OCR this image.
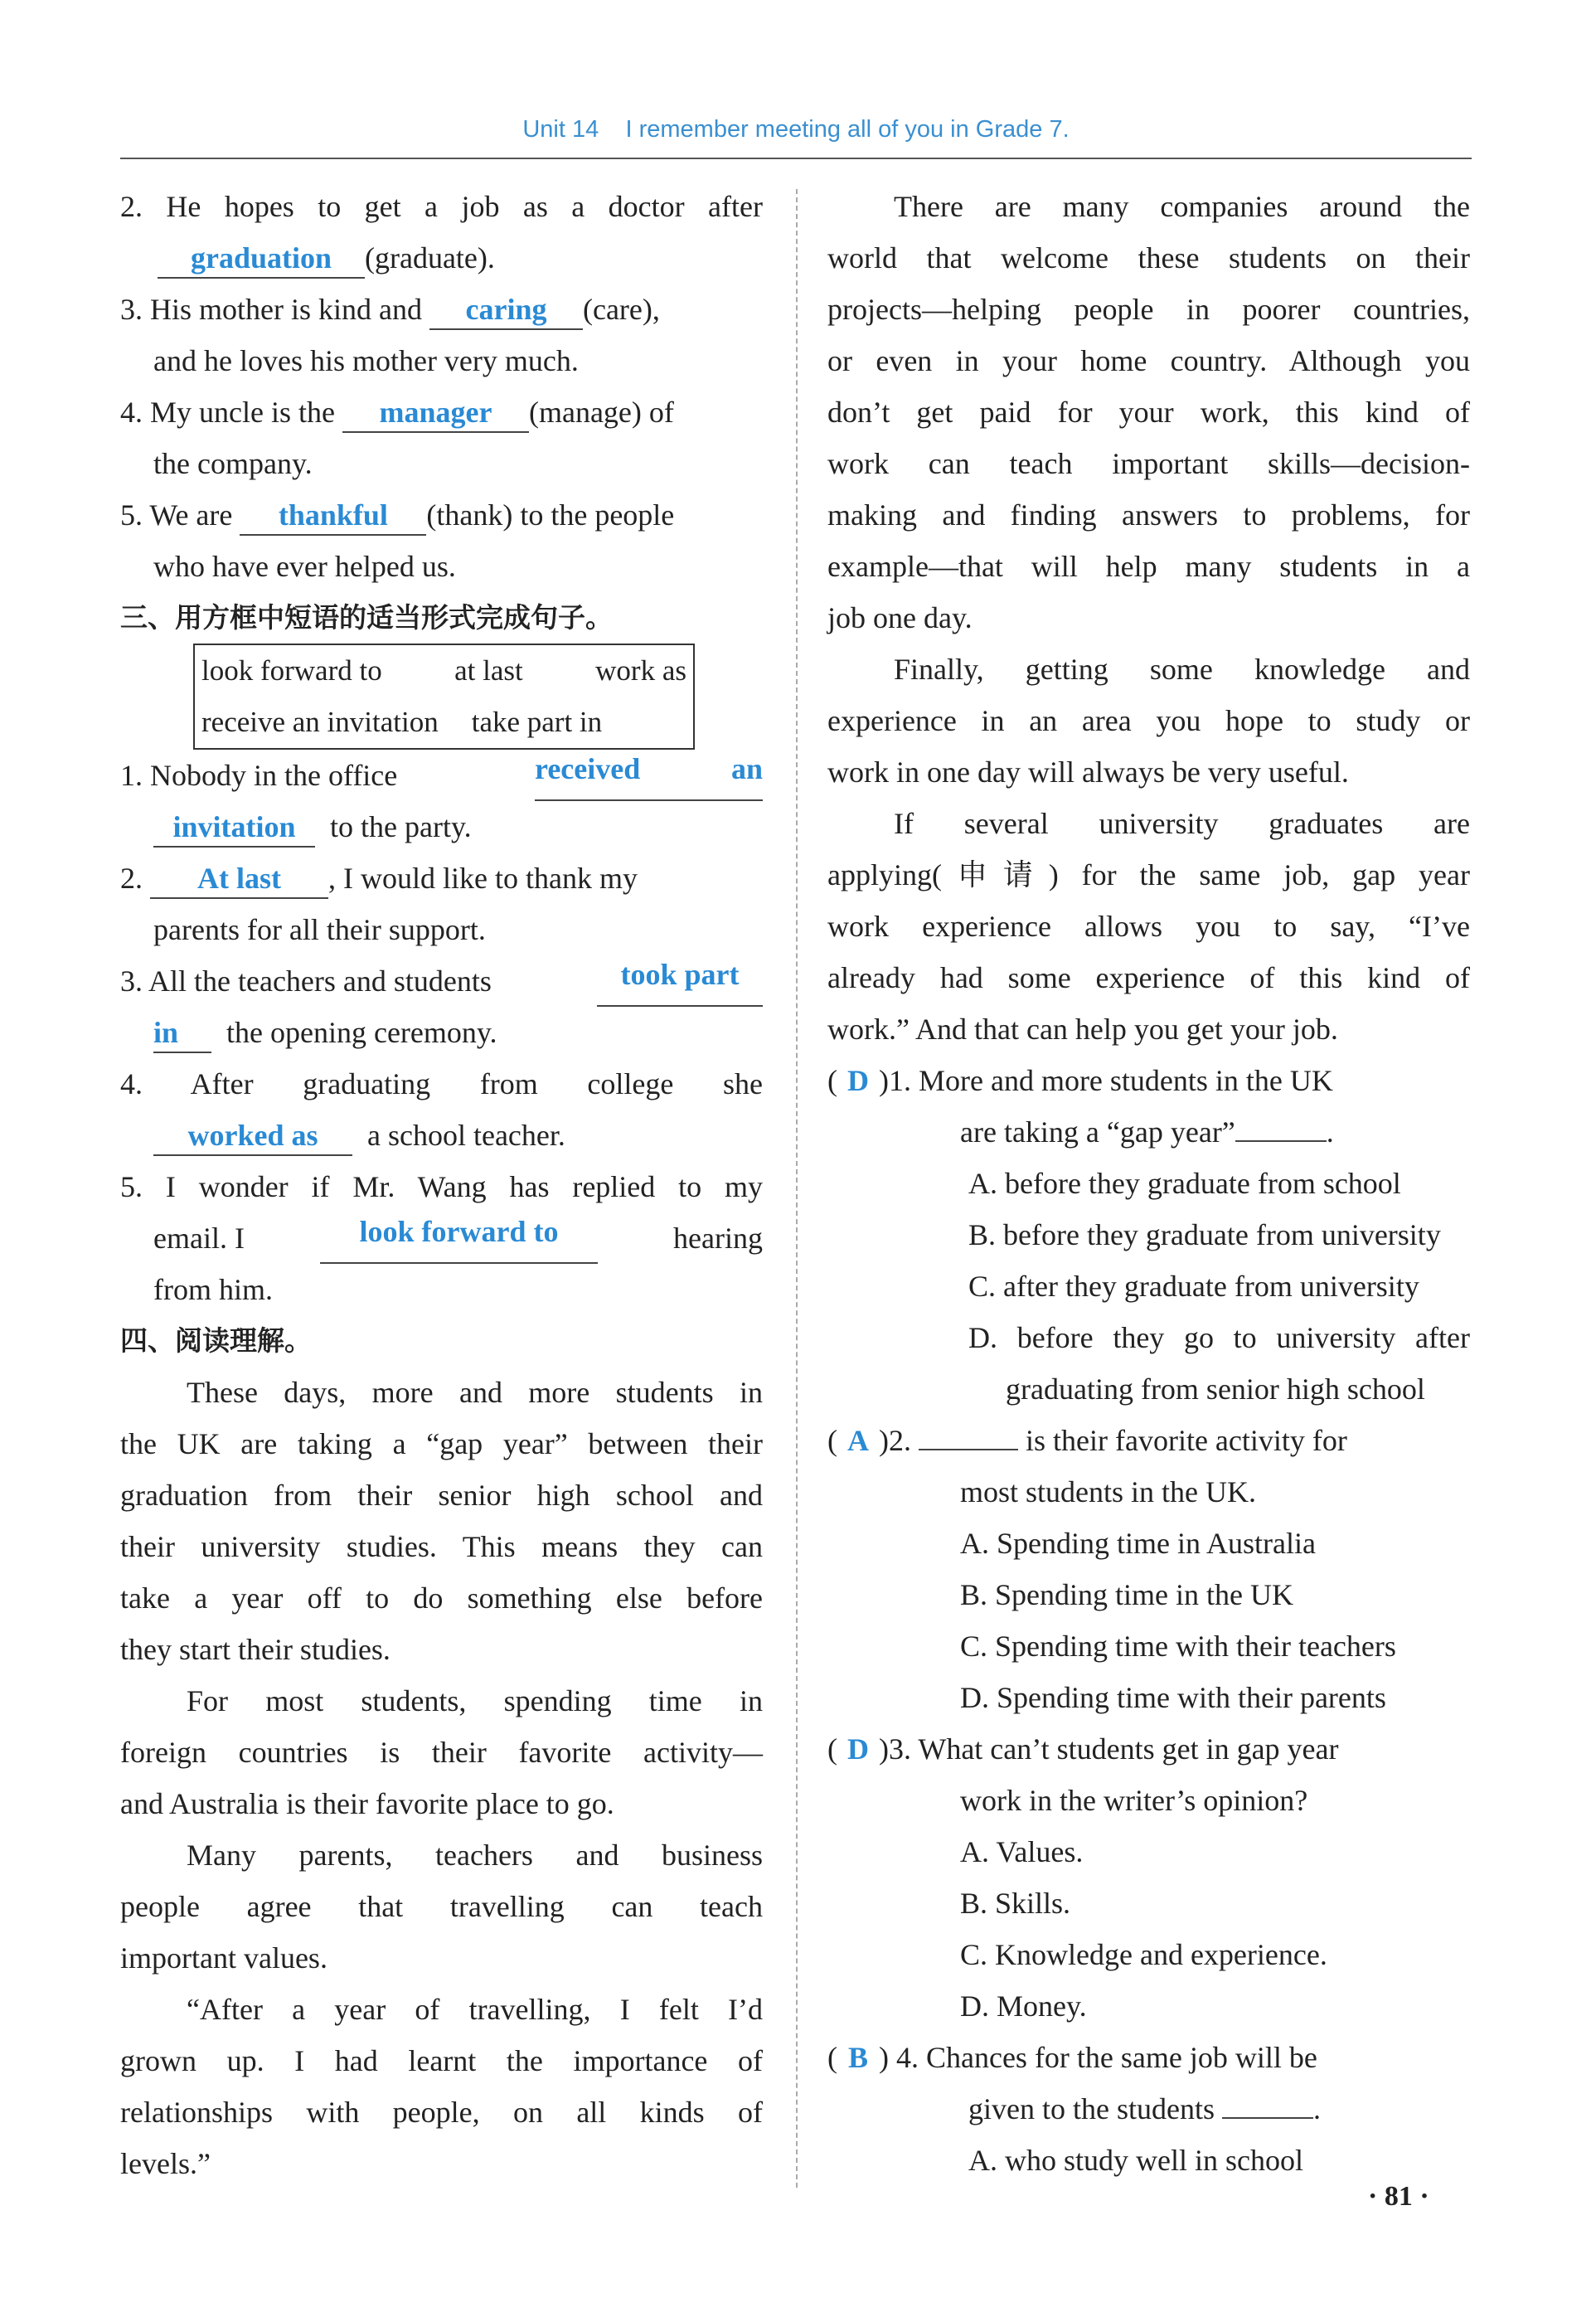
Unit 14 I remember meeting all of you in Grade 7.
2. He hopes to get a job as a doctor after
graduation (graduate).
3. His mother is kind and caring (care),
and he loves his mother very much.
4. My uncle is the manager (manage) of
the company.
5. We are thankful (thank) to the people
who have ever helped us.
三、用方框中短语的适当形式完成句子。
look forward to at last work as
receive an invitation take part in
1. Nobody in the office	received an
invitation to the party.
2. At last , I would like to thank my
parents for all their support.
3. All the teachers and students	took part
in the opening ceremony.
4. After graduating from college she
worked as a school teacher.
5. I wonder if Mr. Wang has replied to my
email. I	look forward to	hearing
from him.
四、阅读理解。
These days, more and more students in
the UK are taking a “gap year” between their
graduation from their senior high school and
their university studies. This means they can
take a year off to do something else before
they start their studies.
For most students, spending time in
foreign countries is their favorite activity—
and Australia is their favorite place to go.
Many parents, teachers and business
people agree that travelling can teach
important values.
“After a year of travelling, I felt I’d
grown up. I had learnt the importance of
relationships with people, on all kinds of
levels.”
There are many companies around the
world that welcome these students on their
projects—helping people in poorer countries,
or even in your home country. Although you
don’t get paid for your work, this kind of
work can teach important skills—decision-
making and finding answers to problems, for
example—that will help many students in a
job one day.
Finally, getting some knowledge and
experience in an area you hope to study or
work in one day will always be very useful.
If several university graduates are
applying(申请) for the same job, gap year
work experience allows you to say, “I’ve
already had some experience of this kind of
work.” And that can help you get your job.
( D )1. More and more students in the UK
are taking a “gap year”	.
A. before they graduate from school
B. before they graduate from university
C. after they graduate from university
D. before they go to university after
graduating from senior high school
( A )2.	is their favorite activity for
most students in the UK.
A. Spending time in Australia
B. Spending time in the UK
C. Spending time with their teachers
D. Spending time with their parents
( D )3. What can’t students get in gap year
work in the writer’s opinion?
A. Values.
B. Skills.
C. Knowledge and experience.
D. Money.
( B ) 4. Chances for the same job will be
given to the students	.
A. who study well in school
· 81 ·
